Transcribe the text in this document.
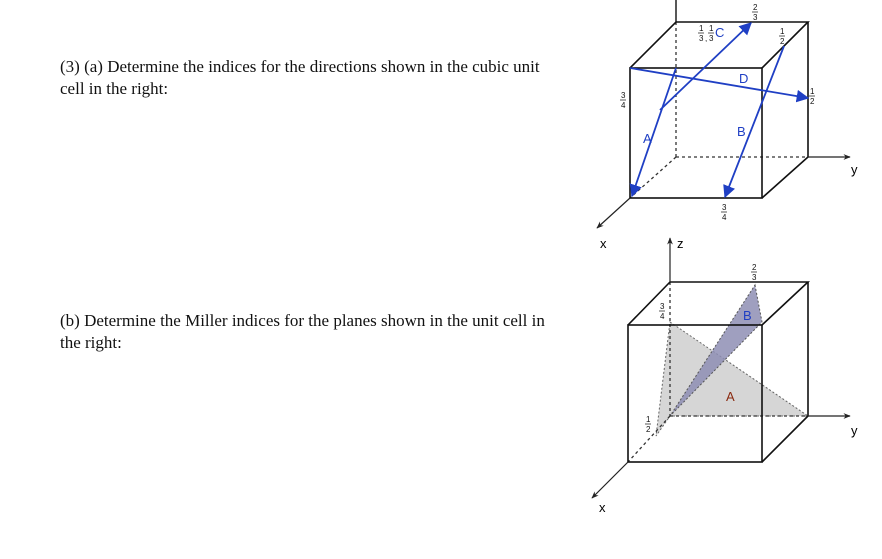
(3) (a) Determine the indices for the directions shown in the cubic unit cell in the right:

(b) Determine the Miller indices for the planes shown in the unit cell in the right:

y
x
A	B
C
D
1
3 ,
1
3
2
3
1
2
1
2
3
4
3
4
z
y
x
A
B
2
3
3
4
1
2
